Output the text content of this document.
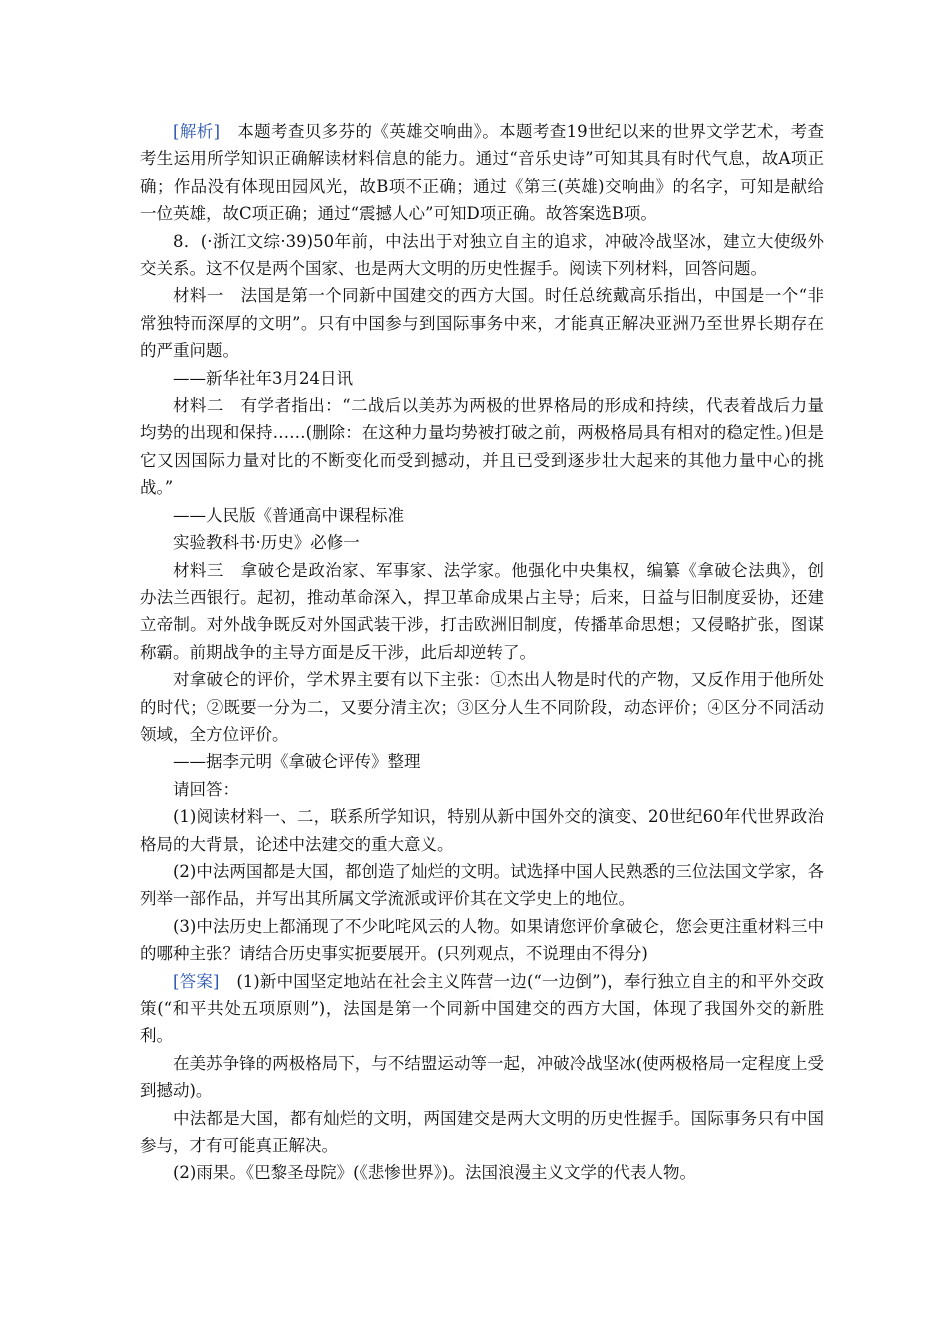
[解析]　 本题考查贝多芬的《英雄交响曲》。本题考查19世纪以来的世界文学艺术，考查考生运用所学知识正确解读材料信息的能力。通过“音乐史诗”可知其具有时代气息，故A项正确；作品没有体现田园风光，故B项不正确；通过《第三(英雄)交响曲》的名字，可知是献给一位英雄，故C项正确；通过“震撼人心”可知D项正确。故答案选B项。

8．(·浙江文综·39)50年前，中法出于对独立自主的追求，冲破冷战坚冰，建立大使级外交关系。这不仅是两个国家、也是两大文明的历史性握手。阅读下列材料，回答问题。

材料一　法国是第一个同新中国建交的西方大国。时任总统戴高乐指出，中国是一个“非常独特而深厚的文明”。只有中国参与到国际事务中来，才能真正解决亚洲乃至世界长期存在的严重问题。

——新华社年3月24日讯

材料二　有学者指出：“二战后以美苏为两极的世界格局的形成和持续，代表着战后力量均势的出现和保持……(删除：在这种力量均势被打破之前，两极格局具有相对的稳定性。)但是它又因国际力量对比的不断变化而受到撼动，并且已受到逐步壮大起来的其他力量中心的挑战。”

——人民版《普通高中课程标准

实验教科书·历史》必修一

材料三　拿破仑是政治家、军事家、法学家。他强化中央集权，编纂《拿破仑法典》，创办法兰西银行。起初，推动革命深入，捍卫革命成果占主导；后来，日益与旧制度妥协，还建立帝制。对外战争既反对外国武装干涉，打击欧洲旧制度，传播革命思想；又侵略扩张，图谋称霸。前期战争的主导方面是反干涉，此后却逆转了。

对拿破仑的评价，学术界主要有以下主张：①杰出人物是时代的产物，又反作用于他所处的时代；②既要一分为二，又要分清主次；③区分人生不同阶段，动态评价；④区分不同活动领域，全方位评价。

——据李元明《拿破仑评传》整理

请回答：

(1)阅读材料一、二，联系所学知识，特别从新中国外交的演变、20世纪60年代世界政治格局的大背景，论述中法建交的重大意义。

(2)中法两国都是大国，都创造了灿烂的文明。试选择中国人民熟悉的三位法国文学家，各列举一部作品，并写出其所属文学流派或评价其在文学史上的地位。

(3)中法历史上都涌现了不少叱咤风云的人物。如果请您评价拿破仑，您会更注重材料三中的哪种主张？请结合历史事实扼要展开。(只列观点，不说理由不得分)

[答案]　 (1)新中国坚定地站在社会主义阵营一边(“一边倒”)，奉行独立自主的和平外交政策(“和平共处五项原则”)，法国是第一个同新中国建交的西方大国，体现了我国外交的新胜利。

在美苏争锋的两极格局下，与不结盟运动等一起，冲破冷战坚冰(使两极格局一定程度上受到撼动)。

中法都是大国，都有灿烂的文明，两国建交是两大文明的历史性握手。国际事务只有中国参与，才有可能真正解决。

(2)雨果。《巴黎圣母院》(《悲惨世界》)。法国浪漫主义文学的代表人物。
